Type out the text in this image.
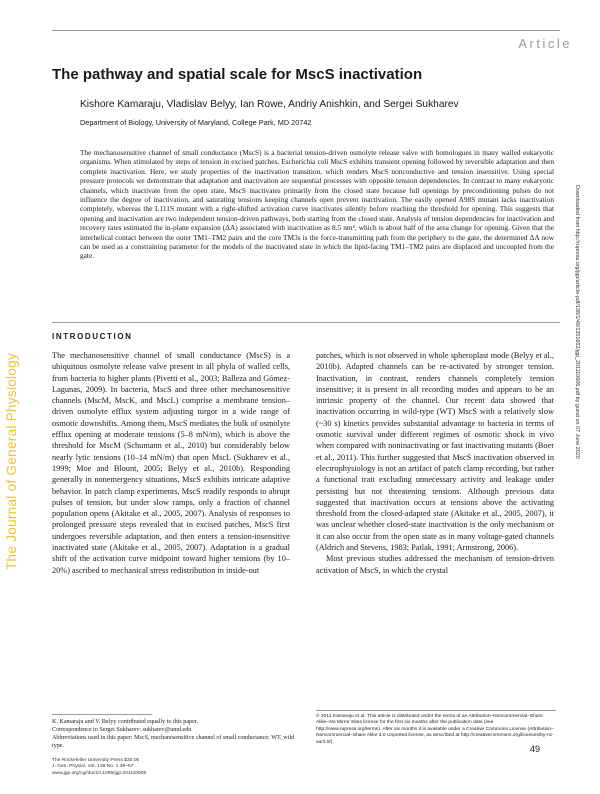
Article
The pathway and spatial scale for MscS inactivation
Kishore Kamaraju, Vladislav Belyy, Ian Rowe, Andriy Anishkin, and Sergei Sukharev
Department of Biology, University of Maryland, College Park, MD 20742
The mechanosensitive channel of small conductance (MscS) is a bacterial tension-driven osmolyte release valve with homologues in many walled eukaryotic organisms. When stimulated by steps of tension in excised patches, Escherichia coli MscS exhibits transient opening followed by reversible adaptation and then complete inactivation. Here, we study properties of the inactivation transition, which renders MscS nonconductive and tension insensitive. Using special pressure protocols we demonstrate that adaptation and inactivation are sequential processes with opposite tension dependencies. In contrast to many eukaryotic channels, which inactivate from the open state, MscS inactivates primarily from the closed state because full openings by preconditioning pulses do not influence the degree of inactivation, and saturating tensions keeping channels open prevent inactivation. The easily opened A98S mutant lacks inactivation completely, whereas the L111S mutant with a right-shifted activation curve inactivates silently before reaching the threshold for opening. This suggests that opening and inactivation are two independent tension-driven pathways, both starting from the closed state. Analysis of tension dependencies for inactivation and recovery rates estimated the in-plane expansion (ΔA) associated with inactivation as 8.5 nm², which is about half of the area change for opening. Given that the interhelical contact between the outer TM1–TM2 pairs and the core TM3s is the force-transmitting path from the periphery to the gate, the determined ΔA now can be used as a constraining parameter for the models of the inactivated state in which the lipid-facing TM1–TM2 pairs are displaced and uncoupled from the gate.
The Journal of General Physiology
Downloaded from http://rupress.org/jgp/article-pdf/138/1/49/1351652/jgp_201110606.pdf by guest on 07 June 2020
INTRODUCTION

The mechanosensitive channel of small conductance (MscS) is a ubiquitous osmolyte release valve present in all phyla of walled cells, from bacteria to higher plants (Pivetti et al., 2003; Balleza and Gómez-Lagunas, 2009). In bacteria, MscS and three other mechanosensitive channels (MscM, MscK, and MscL) comprise a membrane tension–driven osmolyte efflux system adjusting turgor in a wide range of osmotic downshifts. Among them, MscS mediates the bulk of osmolyte efflux opening at moderate tensions (5–8 mN/m), which is above the threshold for MscM (Schumann et al., 2010) but considerably below nearly lytic tensions (10–14 mN/m) that open MscL (Sukharev et al., 1999; Moe and Blount, 2005; Belyy et al., 2010b). Responding generally in nonemergency situations, MscS exhibits intricate adaptive behavior. In patch clamp experiments, MscS readily responds to abrupt pulses of tension, but under slow ramps, only a fraction of channel population opens (Akitake et al., 2005, 2007). Analysis of responses to prolonged pressure steps revealed that in excised patches, MscS first undergoes reversible adaptation, and then enters a tension-insensitive inactivated state (Akitake et al., 2005, 2007). Adaptation is a gradual shift of the activation curve midpoint toward higher tensions (by 10–20%) ascribed to mechanical stress redistribution in inside-out

patches, which is not observed in whole spheroplast mode (Belyy et al., 2010b). Adapted channels can be re-activated by stronger tension. Inactivation, in contrast, renders channels completely tension insensitive; it is present in all recording modes and appears to be an intrinsic property of the channel. Our recent data showed that inactivation occurring in wild-type (WT) MscS with a relatively slow (~30 s) kinetics provides substantial advantage to bacteria in terms of osmotic survival under different regimes of osmotic shock in vivo when compared with noninactivating or fast inactivating mutants (Boer et al., 2011). This further suggested that MscS inactivation observed in electrophysiology is not an artifact of patch clamp recording, but rather a functional trait excluding unnecessary activity and leakage under persisting but not threatening tensions. Although previous data suggested that inactivation occurs at tensions above the activating threshold from the closed-adapted state (Akitake et al., 2005, 2007), it was unclear whether closed-state inactivation is the only mechanism or it can also occur from the open state as in many voltage-gated channels (Aldrich and Stevens, 1983; Patlak, 1991; Armstrong, 2006).

Most previous studies addressed the mechanism of tension-driven activation of MscS, in which the crystal

K. Kamaraju and V. Belyy contributed equally to this paper.

Correspondence to Sergei Sukharev: sukharev@umd.edu

Abbreviations used in this paper: MscS, mechanosensitive channel of small conductance; WT, wild type.

© 2011 Kamaraju et al. This article is distributed under the terms of an Attribution–Noncommercial–Share Alike–No Mirror Sites license for the first six months after the publication date (see http://www.rupress.org/terms). After six months it is available under a Creative Commons License (Attribution–Noncommercial–Share Alike 3.0 Unported license, as described at http://creativecommons.org/licenses/by-nc-sa/3.0/).
The Rockefeller University Press $30.00
J. Gen. Physiol. Vol. 138 No. 1 49–57
www.jgp.org/cgi/doi/10.1085/jgp.201110606
49
